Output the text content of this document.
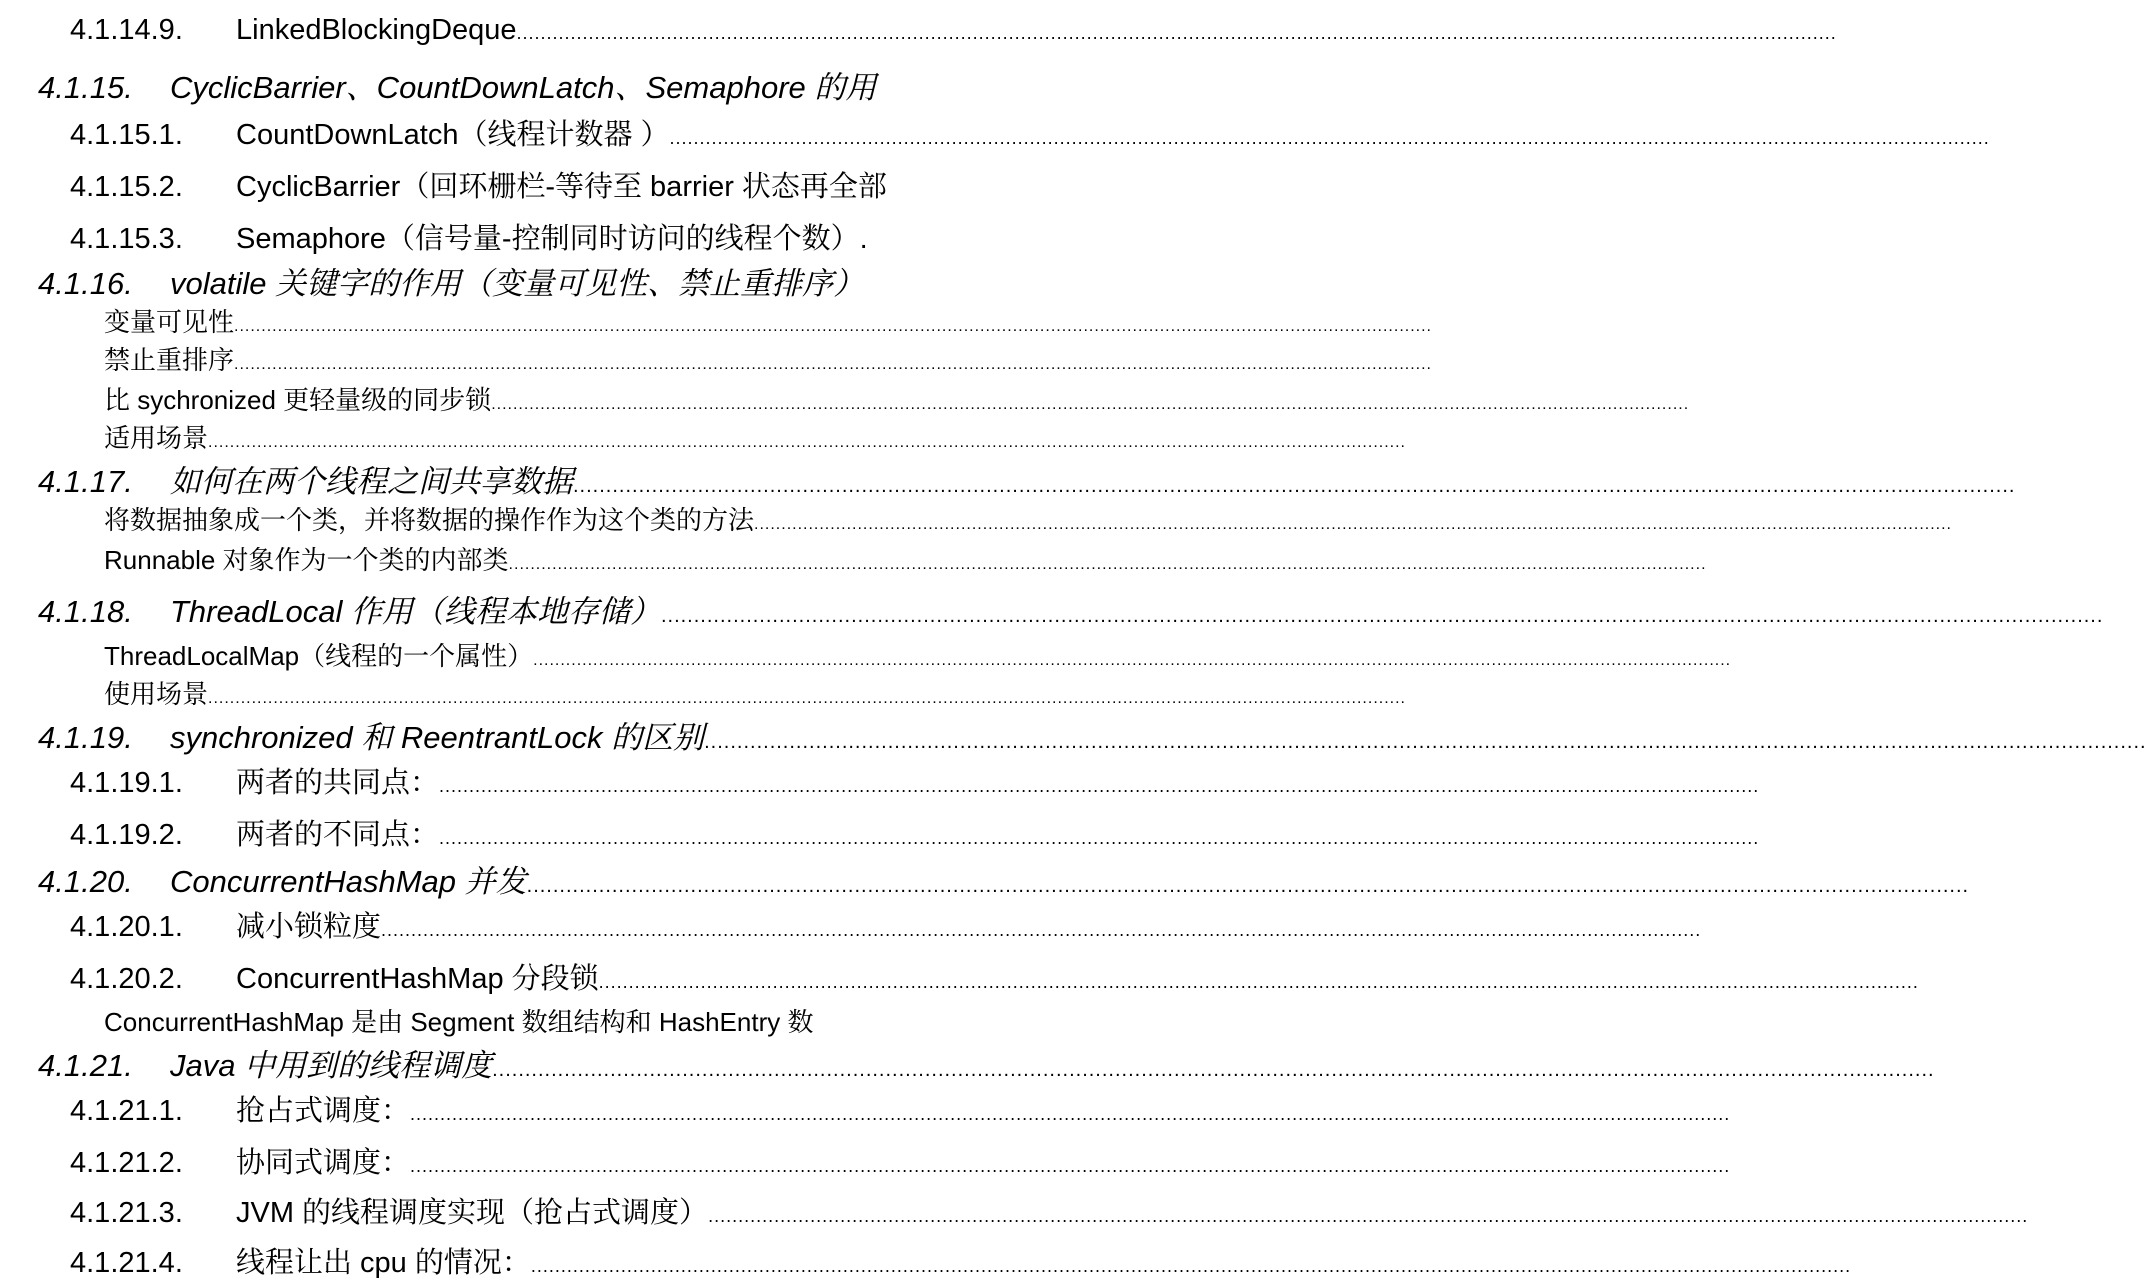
4.1.14.9.	LinkedBlockingDeque ............................................................................................................................................................................................................................
4.1.15.	CyclicBarrier、CountDownLatch、Semaphore 的用
4.1.15.1.	CountDownLatch（线程计数器 ） ............................................................................................................................................................................................................................
4.1.15.2.	CyclicBarrier（回环栅栏-等待至 barrier 状态再全部
4.1.15.3.	Semaphore（信号量-控制同时访问的线程个数）.
4.1.16.	volatile 关键字的作用（变量可见性、禁止重排序）
变量可见性 ............................................................................................................................................................................................................................
禁止重排序 ............................................................................................................................................................................................................................
比 sychronized 更轻量级的同步锁 ............................................................................................................................................................................................................................
适用场景 ............................................................................................................................................................................................................................
4.1.17.	如何在两个线程之间共享数据 ............................................................................................................................................................................................................................
将数据抽象成一个类，并将数据的操作作为这个类的方法 ............................................................................................................................................................................................................................
Runnable 对象作为一个类的内部类 ............................................................................................................................................................................................................................
4.1.18.	ThreadLocal 作用（线程本地存储） ............................................................................................................................................................................................................................
ThreadLocalMap（线程的一个属性） ............................................................................................................................................................................................................................
使用场景 ............................................................................................................................................................................................................................
4.1.19.	synchronized 和 ReentrantLock 的区别 ............................................................................................................................................................................................................................
4.1.19.1.	两者的共同点： ............................................................................................................................................................................................................................
4.1.19.2.	两者的不同点： ............................................................................................................................................................................................................................
4.1.20.	ConcurrentHashMap 并发 ............................................................................................................................................................................................................................
4.1.20.1.	减小锁粒度 ............................................................................................................................................................................................................................
4.1.20.2.	ConcurrentHashMap 分段锁 ............................................................................................................................................................................................................................
ConcurrentHashMap 是由 Segment 数组结构和 HashEntry 数
4.1.21.	Java 中用到的线程调度 ............................................................................................................................................................................................................................
4.1.21.1.	抢占式调度： ............................................................................................................................................................................................................................
4.1.21.2.	协同式调度： ............................................................................................................................................................................................................................
4.1.21.3.	JVM 的线程调度实现（抢占式调度） ............................................................................................................................................................................................................................
4.1.21.4.	线程让出 cpu 的情况： ............................................................................................................................................................................................................................
